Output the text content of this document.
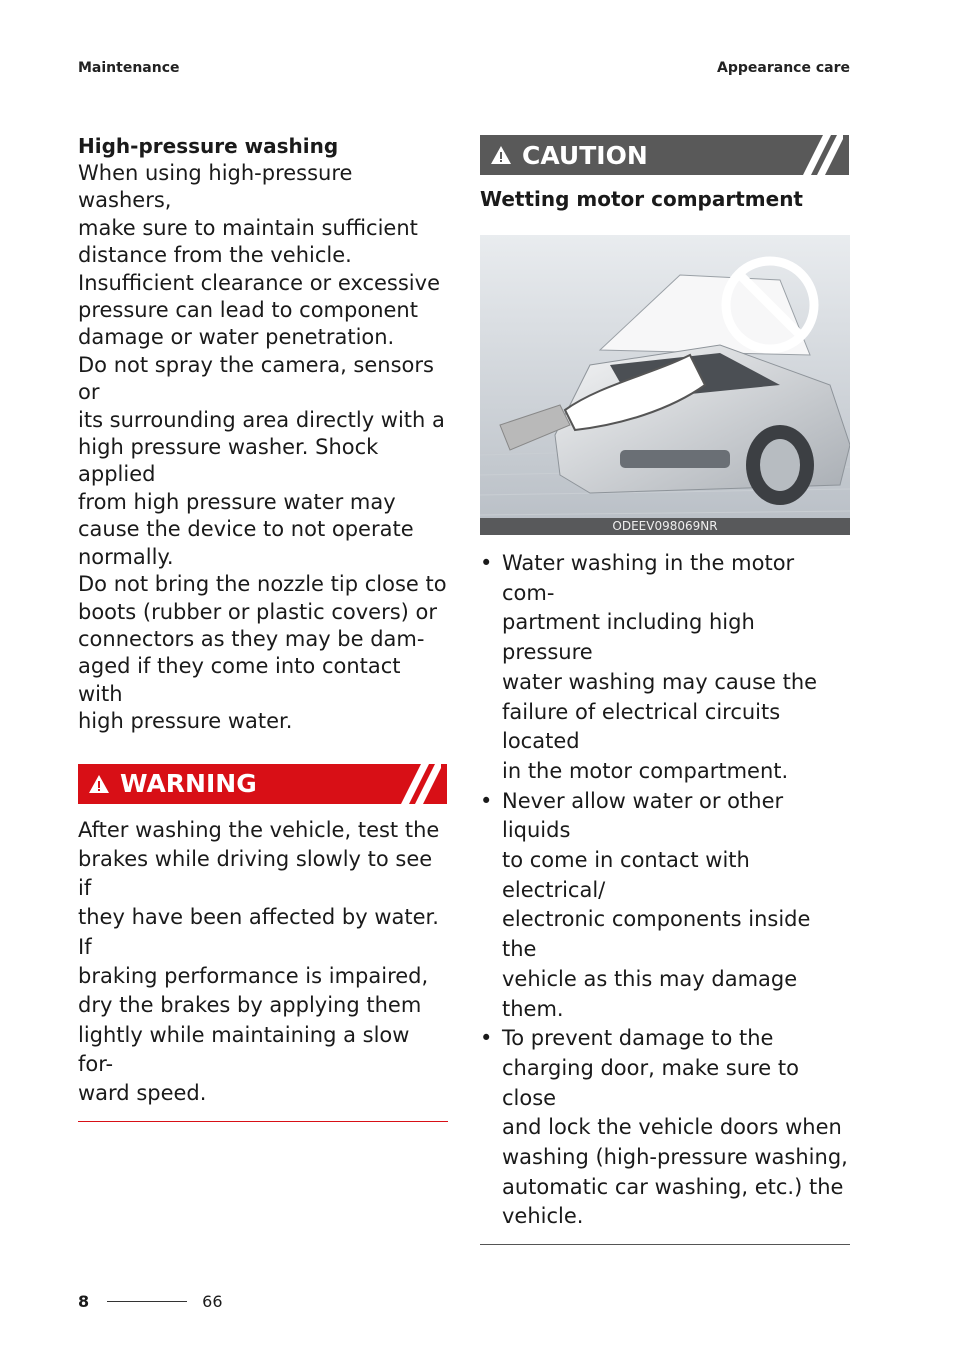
Maintenance	Appearance care

High-pressure washing

When using high-pressure washers,
make sure to maintain sufficient
distance from the vehicle.
Insufficient clearance or excessive
pressure can lead to component
damage or water penetration.
Do not spray the camera, sensors or
its surrounding area directly with a
high pressure washer. Shock applied
from high pressure water may
cause the device to not operate
normally.
Do not bring the nozzle tip close to
boots (rubber or plastic covers) or
connectors as they may be dam-
aged if they come into contact with
high pressure water.

WARNING

After washing the vehicle, test the
brakes while driving slowly to see if
they have been affected by water. If
braking performance is impaired,
dry the brakes by applying them
lightly while maintaining a slow for-
ward speed.

CAUTION

Wetting motor compartment

ODEEV098069NR
• Water washing in the motor com-
partment including high pressure
water washing may cause the
failure of electrical circuits located
in the motor compartment.
• Never allow water or other liquids
to come in contact with electrical/
electronic components inside the
vehicle as this may damage them.
• To prevent damage to the
charging door, make sure to close
and lock the vehicle doors when
washing (high-pressure washing,
automatic car washing, etc.) the
vehicle.
8	66
